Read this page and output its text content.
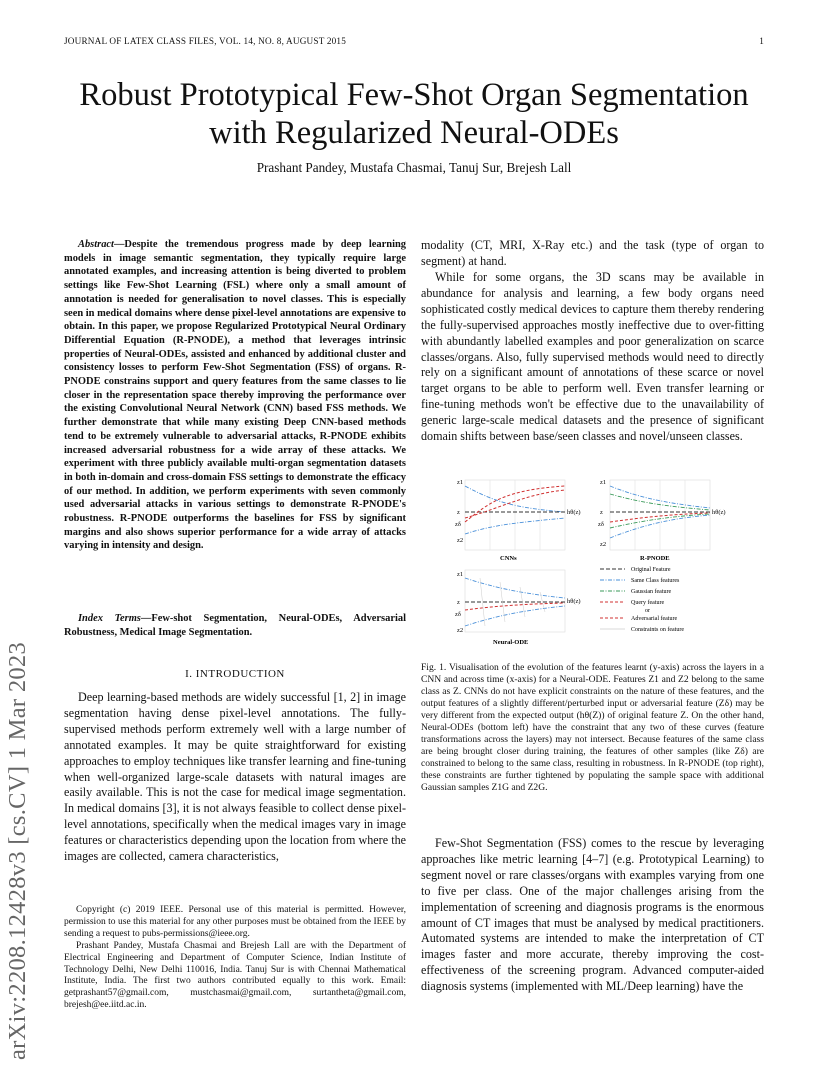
JOURNAL OF LATEX CLASS FILES, VOL. 14, NO. 8, AUGUST 2015	1
Robust Prototypical Few-Shot Organ Segmentation
with Regularized Neural-ODEs
Prashant Pandey, Mustafa Chasmai, Tanuj Sur, Brejesh Lall
arXiv:2208.12428v3 [cs.CV] 1 Mar 2023
Abstract—Despite the tremendous progress made by deep learning models in image semantic segmentation, they typically require large annotated examples, and increasing attention is being diverted to problem settings like Few-Shot Learning (FSL) where only a small amount of annotation is needed for generalisation to novel classes. This is especially seen in medical domains where dense pixel-level annotations are expensive to obtain. In this paper, we propose Regularized Prototypical Neural Ordinary Differential Equation (R-PNODE), a method that leverages intrinsic properties of Neural-ODEs, assisted and enhanced by additional cluster and consistency losses to perform Few-Shot Segmentation (FSS) of organs. R-PNODE constrains support and query features from the same classes to lie closer in the representation space thereby improving the performance over the existing Convolutional Neural Network (CNN) based FSS methods. We further demonstrate that while many existing Deep CNN-based methods tend to be extremely vulnerable to adversarial attacks, R-PNODE exhibits increased adversarial robustness for a wide array of these attacks. We experiment with three publicly available multi-organ segmentation datasets in both in-domain and cross-domain FSS settings to demonstrate the efficacy of our method. In addition, we perform experiments with seven commonly used adversarial attacks in various settings to demonstrate R-PNODE's robustness. R-PNODE outperforms the baselines for FSS by significant margins and also shows superior performance for a wide array of attacks varying in intensity and design.
Index Terms—Few-shot Segmentation, Neural-ODEs, Adversarial Robustness, Medical Image Segmentation.
I. INTRODUCTION

Deep learning-based methods are widely successful [1, 2] in image segmentation having dense pixel-level annotations. The fully-supervised methods perform extremely well with a large number of annotated examples. It may be quite straightforward for existing approaches to employ techniques like transfer learning and fine-tuning when well-organized large-scale datasets with natural images are easily available. This is not the case for medical image segmentation. In medical domains [3], it is not always feasible to collect dense pixel-level annotations, specifically when the medical images vary in image features or characteristics depending upon the location from where the images are collected, camera characteristics,

Copyright (c) 2019 IEEE. Personal use of this material is permitted. However, permission to use this material for any other purposes must be obtained from the IEEE by sending a request to pubs-permissions@ieee.org.

Prashant Pandey, Mustafa Chasmai and Brejesh Lall are with the Department of Electrical Engineering and Department of Computer Science, Indian Institute of Technology Delhi, New Delhi 110016, India. Tanuj Sur is with Chennai Mathematical Institute, India. The first two authors contributed equally to this work. Email: getprashant57@gmail.com, mustchasmai@gmail.com, surtantheta@gmail.com, brejesh@ee.iitd.ac.in.

modality (CT, MRI, X-Ray etc.) and the task (type of organ to segment) at hand.

While for some organs, the 3D scans may be available in abundance for analysis and learning, a few body organs need sophisticated costly medical devices to capture them thereby rendering the fully-supervised approaches mostly ineffective due to over-fitting with abundantly labelled examples and poor generalization on scarce classes/organs. Also, fully supervised methods would need to directly rely on a significant amount of annotations of these scarce or novel target organs to be able to perform well. Even transfer learning or fine-tuning methods won't be effective due to the unavailability of generic large-scale medical datasets and the presence of significant domain shifts between base/seen classes and novel/unseen classes.

z1
z
zδ
z2
hθ(z)
CNNs
z1
z
zδ
z2
hθ(z)
R-PNODE
z1
z
zδ
z2
hθ(z)
Neural-ODE
Original Feature
Same Class features
Gaussian feature
Query feature
or
Adversarial feature
Constraints on feature
Fig. 1. Visualisation of the evolution of the features learnt (y-axis) across the layers in a CNN and across time (x-axis) for a Neural-ODE. Features Z1 and Z2 belong to the same class as Z. CNNs do not have explicit constraints on the nature of these features, and the output features of a slightly different/perturbed input or adversarial feature (Zδ) may be very different from the expected output (hθ(Z)) of original feature Z. On the other hand, Neural-ODEs (bottom left) have the constraint that any two of these curves (feature transformations across the layers) may not intersect. Because features of the same class are being brought closer during training, the features of other samples (like Zδ) are constrained to belong to the same class, resulting in robustness. In R-PNODE (top right), these constraints are further tightened by populating the sample space with additional Gaussian samples Z1G and Z2G.

Few-Shot Segmentation (FSS) comes to the rescue by leveraging approaches like metric learning [4–7] (e.g. Prototypical Learning) to segment novel or rare classes/organs with examples varying from one to five per class. One of the major challenges arising from the implementation of screening and diagnosis programs is the enormous amount of CT images that must be analysed by medical practitioners. Automated systems are intended to make the interpretation of CT images faster and more accurate, thereby improving the cost-effectiveness of the screening program. Advanced computer-aided diagnosis systems (implemented with ML/Deep learning) have the
